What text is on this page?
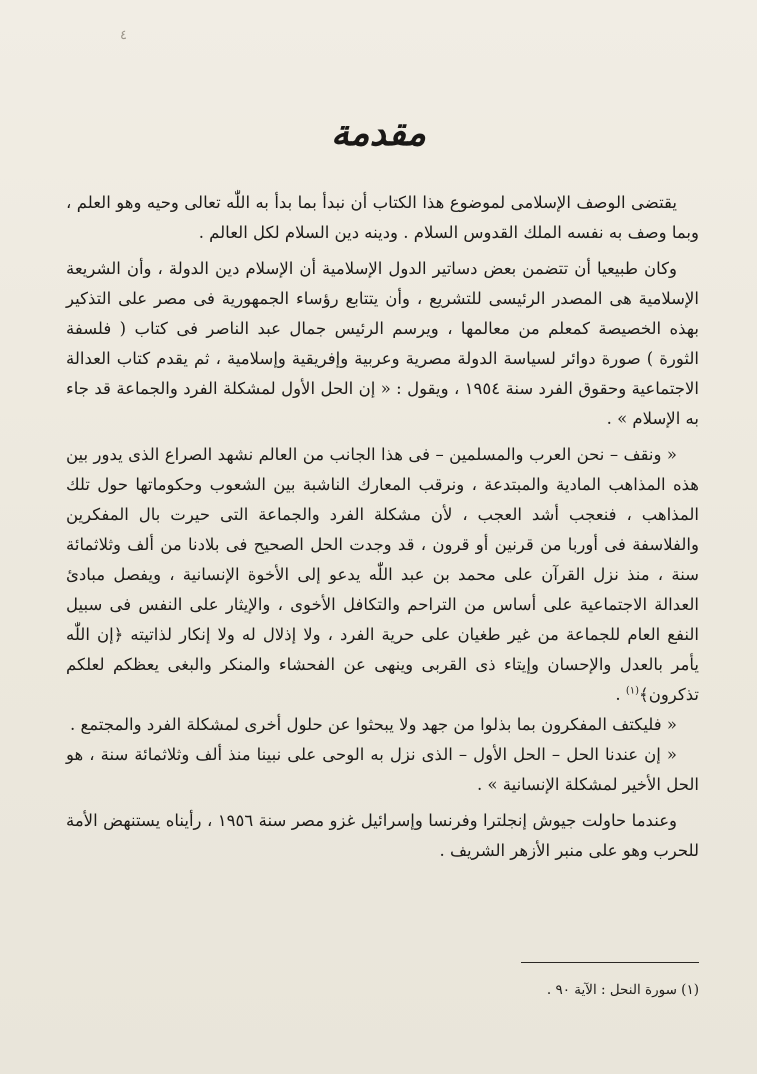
٤
مقدمة

يقتضى الوصف الإسلامى لموضوع هذا الكتاب أن نبدأ بما بدأ به اللّٰه تعالى وحيه وهو العلم ، وبما وصف به نفسه الملك القدوس السلام . ودينه دين السلام لكل العالم .

وكان طبيعيا أن تتضمن بعض دساتير الدول الإسلامية أن الإسلام دين الدولة ، وأن الشريعة الإسلامية هى المصدر الرئيسى للتشريع ، وأن يتتابع رؤساء الجمهورية فى مصر على التذكير بهذه الخصيصة كمعلم من معالمها ، ويرسم الرئيس جمال عبد الناصر فى كتاب ( فلسفة الثورة ) صورة دوائر لسياسة الدولة مصرية وعربية وإفريقية وإسلامية ، ثم يقدم كتاب العدالة الاجتماعية وحقوق الفرد سنة ١٩٥٤ ، ويقول : « إن الحل الأول لمشكلة الفرد والجماعة قد جاء به الإسلام » .

« ونقف – نحن العرب والمسلمين – فى هذا الجانب من العالم نشهد الصراع الذى يدور بين هذه المذاهب المادية والمبتدعة ، ونرقب المعارك الناشبة بين الشعوب وحكوماتها حول تلك المذاهب ، فنعجب أشد العجب ، لأن مشكلة الفرد والجماعة التى حيرت بال المفكرين والفلاسفة فى أوربا من قرنين أو قرون ، قد وجدت الحل الصحيح فى بلادنا من ألف وثلاثمائة سنة ، منذ نزل القرآن على محمد بن عبد اللّٰه يدعو إلى الأخوة الإنسانية ، ويفصل مبادئ العدالة الاجتماعية على أساس من التراحم والتكافل الأخوى ، والإيثار على النفس فى سبيل النفع العام للجماعة من غير طغيان على حرية الفرد ، ولا إذلال له ولا إنكار لذاتيته ﴿إن اللّٰه يأمر بالعدل والإحسان وإيتاء ذى القربى وينهى عن الفحشاء والمنكر والبغى يعظكم لعلكم تذكرون﴾$^{(١)}$ .

« فليكتف المفكرون بما بذلوا من جهد ولا يبحثوا عن حلول أخرى لمشكلة الفرد والمجتمع .

« إن عندنا الحل – الحل الأول – الذى نزل به الوحى على نبينا منذ ألف وثلاثمائة سنة ، هو الحل الأخير لمشكلة الإنسانية » .

وعندما حاولت جيوش إنجلترا وفرنسا وإسرائيل غزو مصر سنة ١٩٥٦ ، رأيناه يستنهض الأمة للحرب وهو على منبر الأزهر الشريف .

(١) سورة النحل : الآية ٩٠ .
